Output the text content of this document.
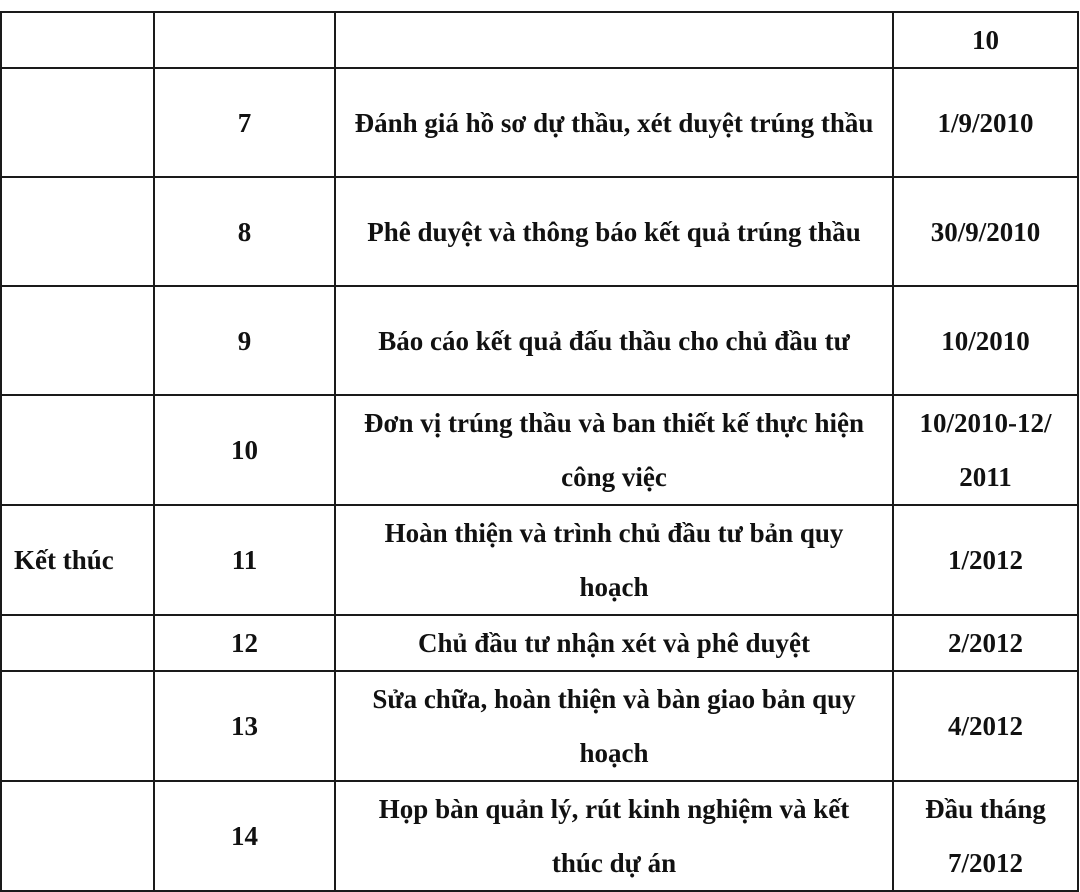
			10
	7	Đánh giá hồ sơ dự thầu, xét duyệt trúng thầu	1/9/2010
	8	Phê duyệt và thông báo kết quả trúng thầu	30/9/2010
	9	Báo cáo kết quả đấu thầu cho chủ đầu tư	10/2010
	10	Đơn vị trúng thầu và ban thiết kế thực hiện công việc	10/2010-12/ 2011
Kết thúc	11	Hoàn thiện và trình chủ đầu tư bản quy hoạch	1/2012
	12	Chủ đầu tư nhận xét và phê duyệt	2/2012
	13	Sửa chữa, hoàn thiện và bàn giao bản quy hoạch	4/2012
	14	Họp bàn quản lý, rút kinh nghiệm và kết thúc dự án	Đầu tháng 7/2012
